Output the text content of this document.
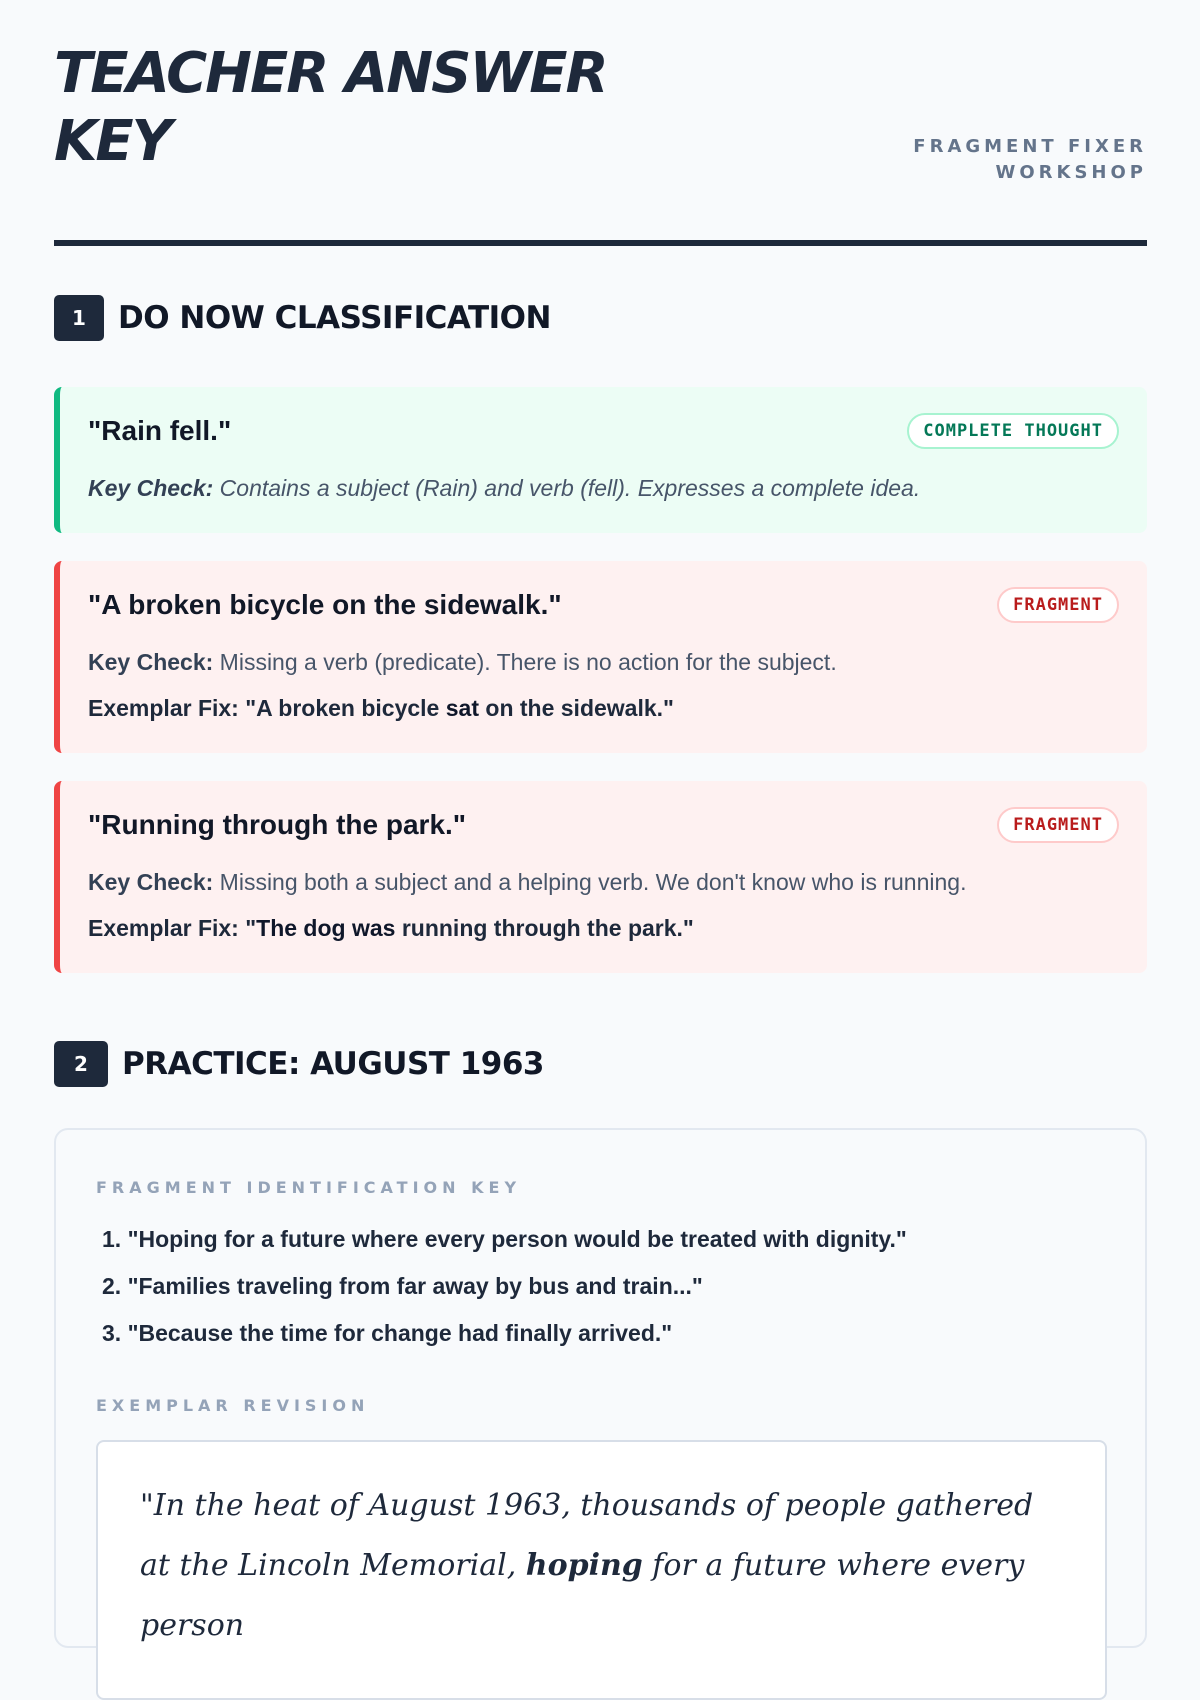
TEACHER ANSWER KEY	FRAGMENT FIXER WORKSHOP
1	DO NOW CLASSIFICATION
"Rain fell."	COMPLETE THOUGHT
Key Check: Contains a subject (Rain) and verb (fell). Expresses a complete idea.
"A broken bicycle on the sidewalk."	FRAGMENT
Key Check: Missing a verb (predicate). There is no action for the subject.
Exemplar Fix: "A broken bicycle sat on the sidewalk."
"Running through the park."	FRAGMENT
Key Check: Missing both a subject and a helping verb. We don't know who is running.
Exemplar Fix: "The dog was running through the park."
2	PRACTICE: AUGUST 1963
FRAGMENT IDENTIFICATION KEY
1. "Hoping for a future where every person would be treated with dignity."
2. "Families traveling from far away by bus and train..."
3. "Because the time for change had finally arrived."
EXEMPLAR REVISION

"In the heat of August 1963, thousands of people gathered at the Lincoln Memorial, hoping for a future where every person
